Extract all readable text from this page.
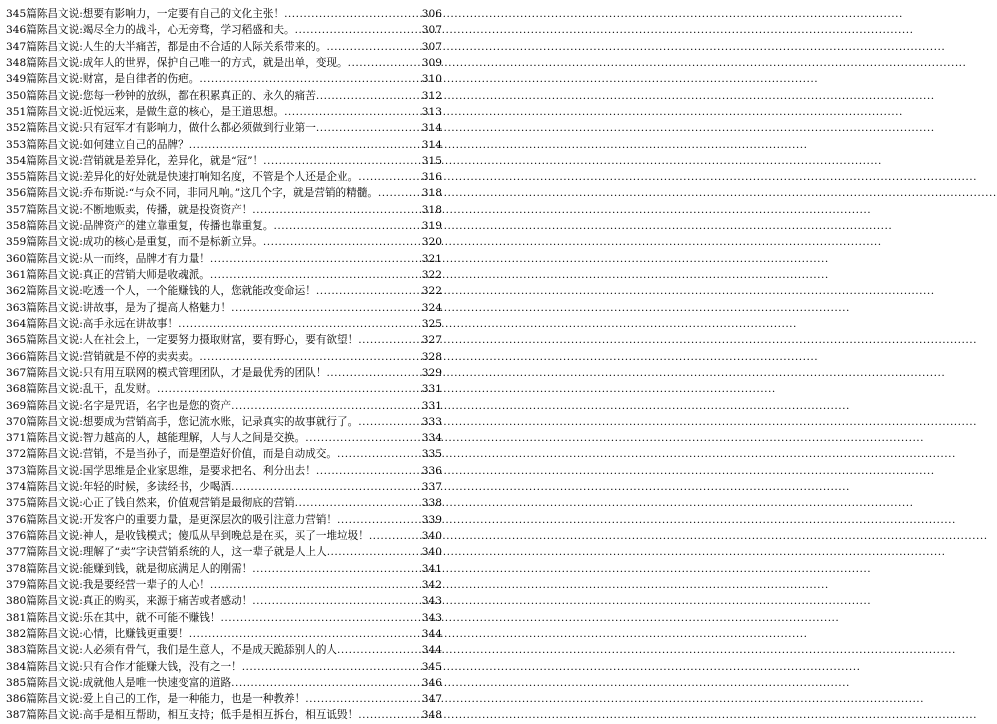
345 篇 陈昌文说: 想要有影响力，一定要有自己的文化主张！ .....	306
346 篇 陈昌文说: 竭尽全力的战斗，心无旁骛，学习稻盛和夫。 .....	307
347 篇 陈昌文说: 人生的大半痛苦，都是由不合适的人际关系带来的。 .....	307
348 篇 陈昌文说: 成年人的世界，保护自己唯一的方式，就是出单，变现。 .....	309
349 篇 陈昌文说: 财富，是自律者的伤疤。 .....	310
350 篇 陈昌文说: 您每一秒钟的放纵，都在积累真正的、永久的痛苦 .....	312
351 篇 陈昌文说: 近悦远来，是做生意的核心，是王道思想。 .....	313
352 篇 陈昌文说: 只有冠军才有影响力，做什么都必须做到行业第一 .....	314
353 篇 陈昌文说: 如何建立自己的品牌？ .....	314
354 篇 陈昌文说: 营销就是差异化，差异化，就是“冠”！ .....	315
355 篇 陈昌文说: 差异化的好处就是快速打响知名度，不管是个人还是企业。 .....	316
356 篇 陈昌文说: 乔布斯说:“与众不同，非同凡响。”这几个字，就是营销的精髓。 .....	318
357 篇 陈昌文说: 不断地贩卖，传播，就是投资资产！ .....	318
358 篇 陈昌文说: 品牌资产的建立靠重复，传播也靠重复。 .....	319
359 篇 陈昌文说: 成功的核心是重复，而不是标新立异。 .....	320
360 篇 陈昌文说: 从一而终，品牌才有力量！ .....	321
361 篇 陈昌文说: 真正的营销大师是收魂派。 .....	322
362 篇 陈昌文说: 吃透一个人，一个能赚钱的人，您就能改变命运！ .....	322
363 篇 陈昌文说: 讲故事，是为了提高人格魅力！ .....	324
364 篇 陈昌文说: 高手永远在讲故事！ .....	325
365 篇 陈昌文说: 人在社会上，一定要努力摄取财富，要有野心，要有欲望！ .....	327
366 篇 陈昌文说: 营销就是不停的卖卖卖。 .....	328
367 篇 陈昌文说: 只有用互联网的模式管理团队，才是最优秀的团队！ .....	329
368 篇 陈昌文说: 乱干，乱发财。 .....	331
369 篇 陈昌文说: 名字是咒语，名字也是您的资产 .....	331
370 篇 陈昌文说: 想要成为营销高手，您记流水账，记录真实的故事就行了。 .....	333
371 篇 陈昌文说: 智力越高的人，越能理解，人与人之间是交换。 .....	334
372 篇 陈昌文说: 营销，不是当孙子，而是塑造好价值，而是自动成交。 .....	335
373 篇 陈昌文说: 国学思维是企业家思维，是要求把名、利分出去！ .....	336
374 篇 陈昌文说: 年轻的时候，多读经书，少喝酒 .....	337
375 篇 陈昌文说: 心正了钱自然来，价值观营销是最彻底的营销 .....	338
376 篇 陈昌文说: 开发客户的重要力量，是更深层次的吸引注意力营销！ .....	339
376 篇 陈昌文说: 神人，是收钱模式；傻瓜从早到晚总是在买，买了一堆垃圾！ .....	340
377 篇 陈昌文说: 理解了“卖”字诀营销系统的人，这一辈子就是人上人 .....	340
378 篇 陈昌文说: 能赚到钱，就是彻底满足人的刚需！ .....	341
379 篇 陈昌文说: 我是要经营一辈子的人心！ .....	342
380 篇 陈昌文说: 真正的购买，来源于痛苦或者感动！ .....	343
381 篇 陈昌文说: 乐在其中，就不可能不赚钱！ .....	343
382 篇 陈昌文说: 心情，比赚钱更重要！ .....	344
383 篇 陈昌文说: 人必须有骨气，我们是生意人，不是成天跪舔别人的人 .....	344
384 篇 陈昌文说: 只有合作才能赚大钱，没有之一！ .....	345
385 篇 陈昌文说: 成就他人是唯一快速变富的道路 .....	346
386 篇 陈昌文说: 爱上自己的工作，是一种能力，也是一种教养！ .....	347
387 篇 陈昌文说: 高手是相互帮助，相互支持；低手是相互拆台，相互诋毁！ .....	348
